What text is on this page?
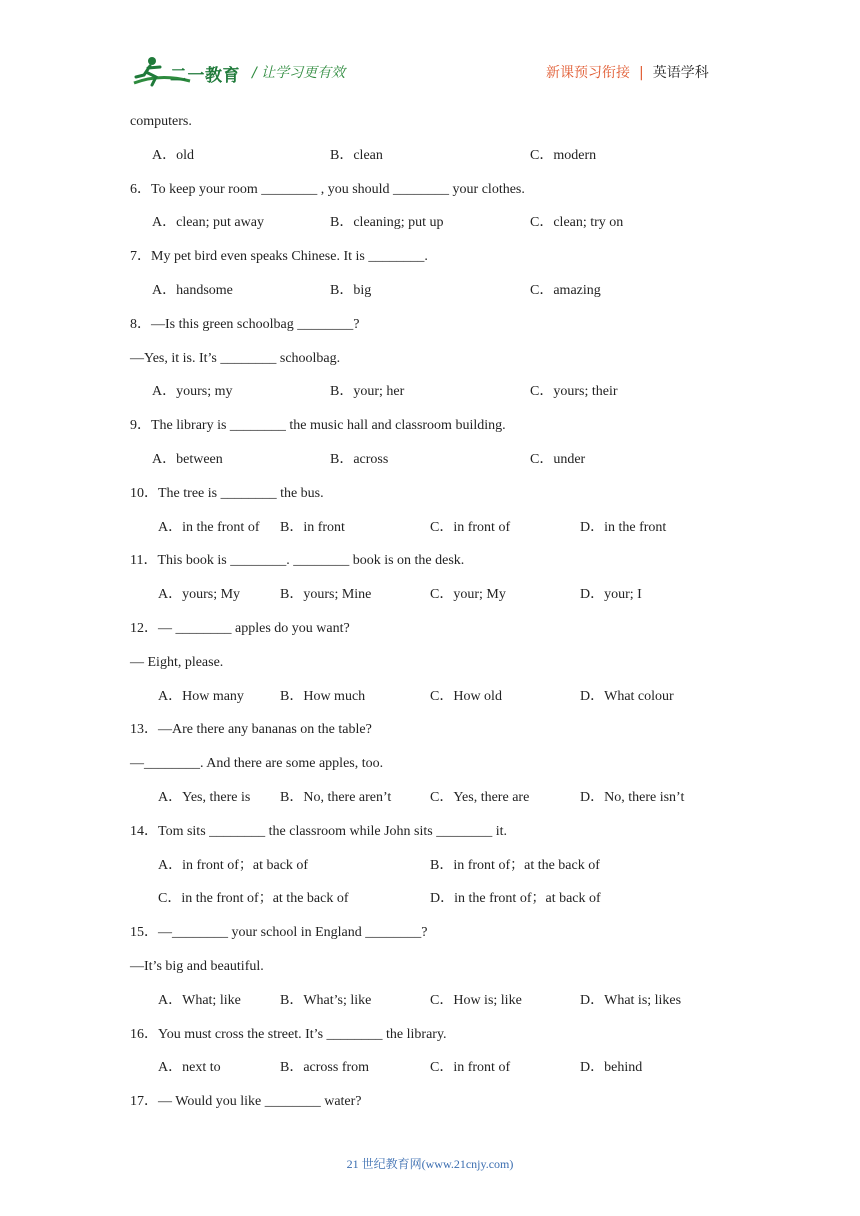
二一教育 / 让学习更有效	新课预习衔接 | 英语学科
computers.
A．old	B．clean	C．modern
6．To keep your room ________ , you should ________ your clothes.
A．clean; put away	B．cleaning; put up	C．clean; try on
7．My pet bird even speaks Chinese. It is ________.
A．handsome	B．big	C．amazing
8．—Is this green schoolbag ________?
—Yes, it is. It’s ________ schoolbag.
A．yours; my	B．your; her	C．yours; their
9．The library is ________ the music hall and classroom building.
A．between	B．across	C．under
10．The tree is ________ the bus.
A．in the front of B．in front	C．in front of	D．in the front
11．This book is ________. ________ book is on the desk.
A．yours; My	B．yours; Mine	C．your; My	D．your; I
12．— ________ apples do you want?
— Eight, please.
A．How many	B．How much	C．How old	D．What colour
13．—Are there any bananas on the table?
—________. And there are some apples, too.
A．Yes, there is B．No, there aren’t	C．Yes, there are	D．No, there isn’t
14．Tom sits ________ the classroom while John sits ________ it.
A．in front of；at back of	B．in front of；at the back of
C．in the front of；at the back of	D．in the front of；at back of
15．—________ your school in England ________?
—It’s big and beautiful.
A．What; like	B．What’s; like	C．How is; like	D．What is; likes
16．You must cross the street. It’s ________ the library.
A．next to	B．across from	C．in front of	D．behind
17．— Would you like ________ water?
21 世纪教育网(www.21cnjy.com)
